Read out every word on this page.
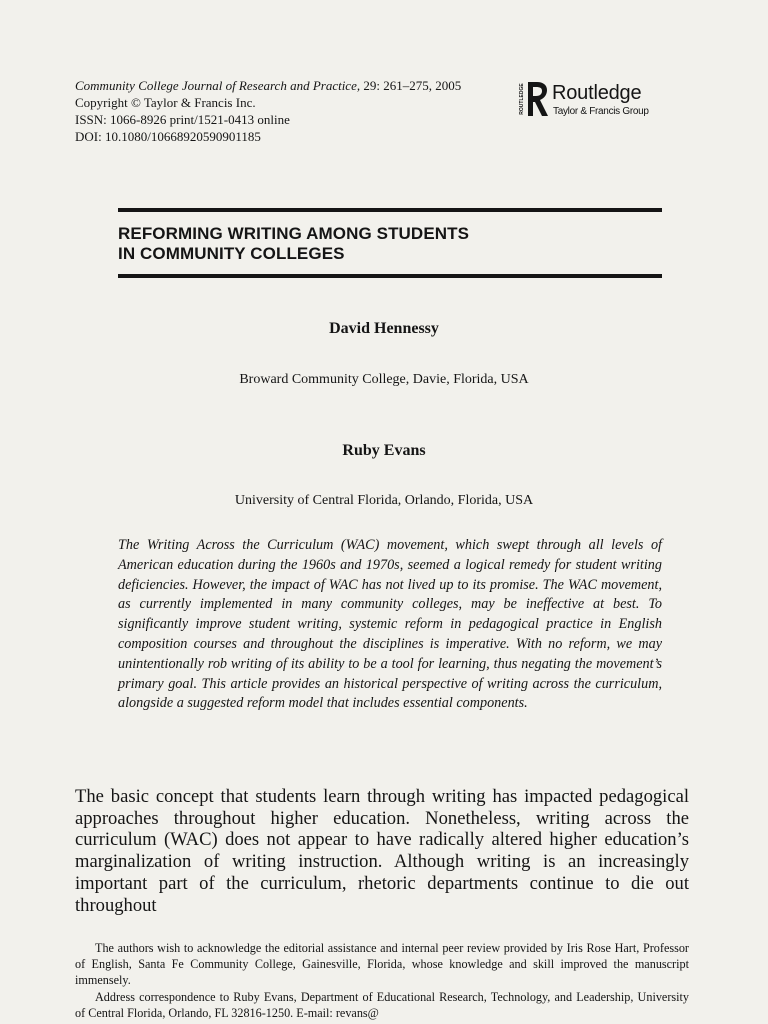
Community College Journal of Research and Practice, 29: 261–275, 2005
Copyright © Taylor & Francis Inc.
ISSN: 1066-8926 print/1521-0413 online
DOI: 10.1080/10668920590901185
ROUTLEDGE Routledge
Taylor & Francis Group
REFORMING WRITING AMONG STUDENTS
IN COMMUNITY COLLEGES
David Hennessy
Broward Community College, Davie, Florida, USA
Ruby Evans
University of Central Florida, Orlando, Florida, USA

The Writing Across the Curriculum (WAC) movement, which swept through all levels of American education during the 1960s and 1970s, seemed a logical remedy for student writing deficiencies. However, the impact of WAC has not lived up to its promise. The WAC movement, as currently implemented in many community colleges, may be ineffective at best. To significantly improve student writing, systemic reform in pedagogical practice in English composition courses and throughout the disciplines is imperative. With no reform, we may unintentionally rob writing of its ability to be a tool for learning, thus negating the movement’s primary goal. This article provides an historical perspective of writing across the curriculum, alongside a suggested reform model that includes essential components.

The basic concept that students learn through writing has impacted pedagogical approaches throughout higher education. Nonetheless, writing across the curriculum (WAC) does not appear to have radically altered higher education’s marginalization of writing instruction. Although writing is an increasingly important part of the curriculum, rhetoric departments continue to die out throughout

The authors wish to acknowledge the editorial assistance and internal peer review provided by Iris Rose Hart, Professor of English, Santa Fe Community College, Gainesville, Florida, whose knowledge and skill improved the manuscript immensely.

Address correspondence to Ruby Evans, Department of Educational Research, Technology, and Leadership, University of Central Florida, Orlando, FL 32816-1250. E-mail: revans@
